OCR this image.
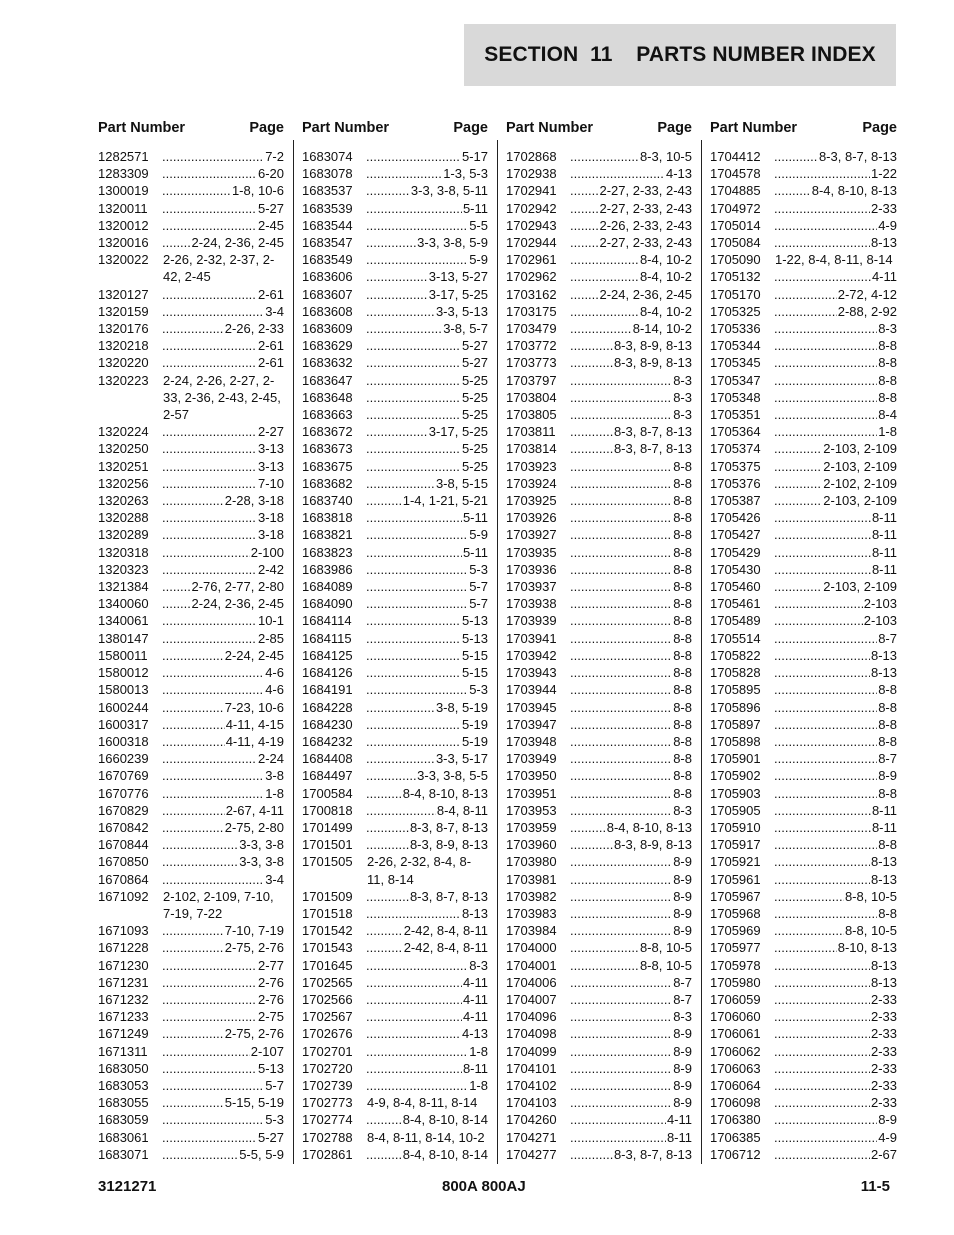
SECTION  11    PARTS NUMBER INDEX
Part Number	Page
1282571 .....	7-2
1283309 .....	6-20
1300019 .....	1-8, 10-6
1320011 .....	5-27
1320012 .....	2-45
1320016 .....	2-24, 2-36, 2-45
1320022	2-26, 2-32, 2-37, 2-42, 2-45
1320127 .....	2-61
1320159 .....	3-4
1320176 .....	2-26, 2-33
1320218 .....	2-61
1320220 .....	2-61
1320223	2-24, 2-26, 2-27, 2-33, 2-36, 2-43, 2-45, 2-57
1320224 .....	2-27
1320250 .....	3-13
1320251 .....	3-13
1320256 .....	7-10
1320263 .....	2-28, 3-18
1320288 .....	3-18
1320289 .....	3-18
1320318 .....	2-100
1320323 .....	2-42
1321384 .....	2-76, 2-77, 2-80
1340060 .....	2-24, 2-36, 2-45
1340061 .....	10-1
1380147 .....	2-85
1580011 .....	2-24, 2-45
1580012 .....	4-6
1580013 .....	4-6
1600244 .....	7-23, 10-6
1600317 .....	4-11, 4-15
1600318 .....	4-11, 4-19
1660239 .....	2-24
1670769 .....	3-8
1670776 .....	1-8
1670829 .....	2-67, 4-11
1670842 .....	2-75, 2-80
1670844 .....	3-3, 3-8
1670850 .....	3-3, 3-8
1670864 .....	3-4
1671092	2-102, 2-109, 7-10, 7-19, 7-22
1671093 .....	7-10, 7-19
1671228 .....	2-75, 2-76
1671230 .....	2-77
1671231 .....	2-76
1671232 .....	2-76
1671233 .....	2-75
1671249 .....	2-75, 2-76
1671311 .....	2-107
1683050 .....	5-13
1683053 .....	5-7
1683055 .....	5-15, 5-19
1683059 .....	5-3
1683061 .....	5-27
1683071 .....	5-5, 5-9
Part Number	Page
1683074 .....	5-17
1683078 .....	1-3, 5-3
1683537 .....	3-3, 3-8, 5-11
1683539 .....	5-11
1683544 .....	5-5
1683547 .....	3-3, 3-8, 5-9
1683549 .....	5-9
1683606 .....	3-13, 5-27
1683607 .....	3-17, 5-25
1683608 .....	3-3, 5-13
1683609 .....	3-8, 5-7
1683629 .....	5-27
1683632 .....	5-27
1683647 .....	5-25
1683648 .....	5-25
1683663 .....	5-25
1683672 .....	3-17, 5-25
1683673 .....	5-25
1683675 .....	5-25
1683682 .....	3-8, 5-15
1683740 .....	1-4, 1-21, 5-21
1683818 .....	5-11
1683821 .....	5-9
1683823 .....	5-11
1683986 .....	5-3
1684089 .....	5-7
1684090 .....	5-7
1684114 .....	5-13
1684115 .....	5-13
1684125 .....	5-15
1684126 .....	5-15
1684191 .....	5-3
1684228 .....	3-8, 5-19
1684230 .....	5-19
1684232 .....	5-19
1684408 .....	3-3, 5-17
1684497 .....	3-3, 3-8, 5-5
1700584 .....	8-4, 8-10, 8-13
1700818 .....	8-4, 8-11
1701499 .....	8-3, 8-7, 8-13
1701501 .....	8-3, 8-9, 8-13
1701505	2-26, 2-32, 8-4, 8-11, 8-14
1701509 .....	8-3, 8-7, 8-13
1701518 .....	8-13
1701542 .....	2-42, 8-4, 8-11
1701543 .....	2-42, 8-4, 8-11
1701645 .....	8-3
1702565 .....	4-11
1702566 .....	4-11
1702567 .....	4-11
1702676 .....	4-13
1702701 .....	1-8
1702720 .....	8-11
1702739 .....	1-8
1702773	4-9, 8-4, 8-11, 8-14
1702774 .....	8-4, 8-10, 8-14
1702788	8-4, 8-11, 8-14, 10-2
1702861 .....	8-4, 8-10, 8-14
Part Number	Page
1702868 .....	8-3, 10-5
1702938 .....	4-13
1702941 .....	2-27, 2-33, 2-43
1702942 .....	2-27, 2-33, 2-43
1702943 .....	2-26, 2-33, 2-43
1702944 .....	2-27, 2-33, 2-43
1702961 .....	8-4, 10-2
1702962 .....	8-4, 10-2
1703162 .....	2-24, 2-36, 2-45
1703175 .....	8-4, 10-2
1703479 .....	8-14, 10-2
1703772 .....	8-3, 8-9, 8-13
1703773 .....	8-3, 8-9, 8-13
1703797 .....	8-3
1703804 .....	8-3
1703805 .....	8-3
1703811 .....	8-3, 8-7, 8-13
1703814 .....	8-3, 8-7, 8-13
1703923 .....	8-8
1703924 .....	8-8
1703925 .....	8-8
1703926 .....	8-8
1703927 .....	8-8
1703935 .....	8-8
1703936 .....	8-8
1703937 .....	8-8
1703938 .....	8-8
1703939 .....	8-8
1703941 .....	8-8
1703942 .....	8-8
1703943 .....	8-8
1703944 .....	8-8
1703945 .....	8-8
1703947 .....	8-8
1703948 .....	8-8
1703949 .....	8-8
1703950 .....	8-8
1703951 .....	8-8
1703953 .....	8-3
1703959 .....	8-4, 8-10, 8-13
1703960 .....	8-3, 8-9, 8-13
1703980 .....	8-9
1703981 .....	8-9
1703982 .....	8-9
1703983 .....	8-9
1703984 .....	8-9
1704000 .....	8-8, 10-5
1704001 .....	8-8, 10-5
1704006 .....	8-7
1704007 .....	8-7
1704096 .....	8-3
1704098 .....	8-9
1704099 .....	8-9
1704101 .....	8-9
1704102 .....	8-9
1704103 .....	8-9
1704260 .....	4-11
1704271 .....	8-11
1704277 .....	8-3, 8-7, 8-13
Part Number	Page
1704412 .....	8-3, 8-7, 8-13
1704578 .....	1-22
1704885 .....	8-4, 8-10, 8-13
1704972 .....	2-33
1705014 .....	4-9
1705084 .....	8-13
1705090	1-22, 8-4, 8-11, 8-14
1705132 .....	4-11
1705170 .....	2-72, 4-12
1705325 .....	2-88, 2-92
1705336 .....	8-3
1705344 .....	8-8
1705345 .....	8-8
1705347 .....	8-8
1705348 .....	8-8
1705351 .....	8-4
1705364 .....	1-8
1705374 .....	2-103, 2-109
1705375 .....	2-103, 2-109
1705376 .....	2-102, 2-109
1705387 .....	2-103, 2-109
1705426 .....	8-11
1705427 .....	8-11
1705429 .....	8-11
1705430 .....	8-11
1705460 .....	2-103, 2-109
1705461 .....	2-103
1705489 .....	2-103
1705514 .....	8-7
1705822 .....	8-13
1705828 .....	8-13
1705895 .....	8-8
1705896 .....	8-8
1705897 .....	8-8
1705898 .....	8-8
1705901 .....	8-7
1705902 .....	8-9
1705903 .....	8-8
1705905 .....	8-11
1705910 .....	8-11
1705917 .....	8-8
1705921 .....	8-13
1705961 .....	8-13
1705967 .....	8-8, 10-5
1705968 .....	8-8
1705969 .....	8-8, 10-5
1705977 .....	8-10, 8-13
1705978 .....	8-13
1705980 .....	8-13
1706059 .....	2-33
1706060 .....	2-33
1706061 .....	2-33
1706062 .....	2-33
1706063 .....	2-33
1706064 .....	2-33
1706098 .....	2-33
1706380 .....	8-9
1706385 .....	4-9
1706712 .....	2-67
3121271	800A 800AJ	11-5
